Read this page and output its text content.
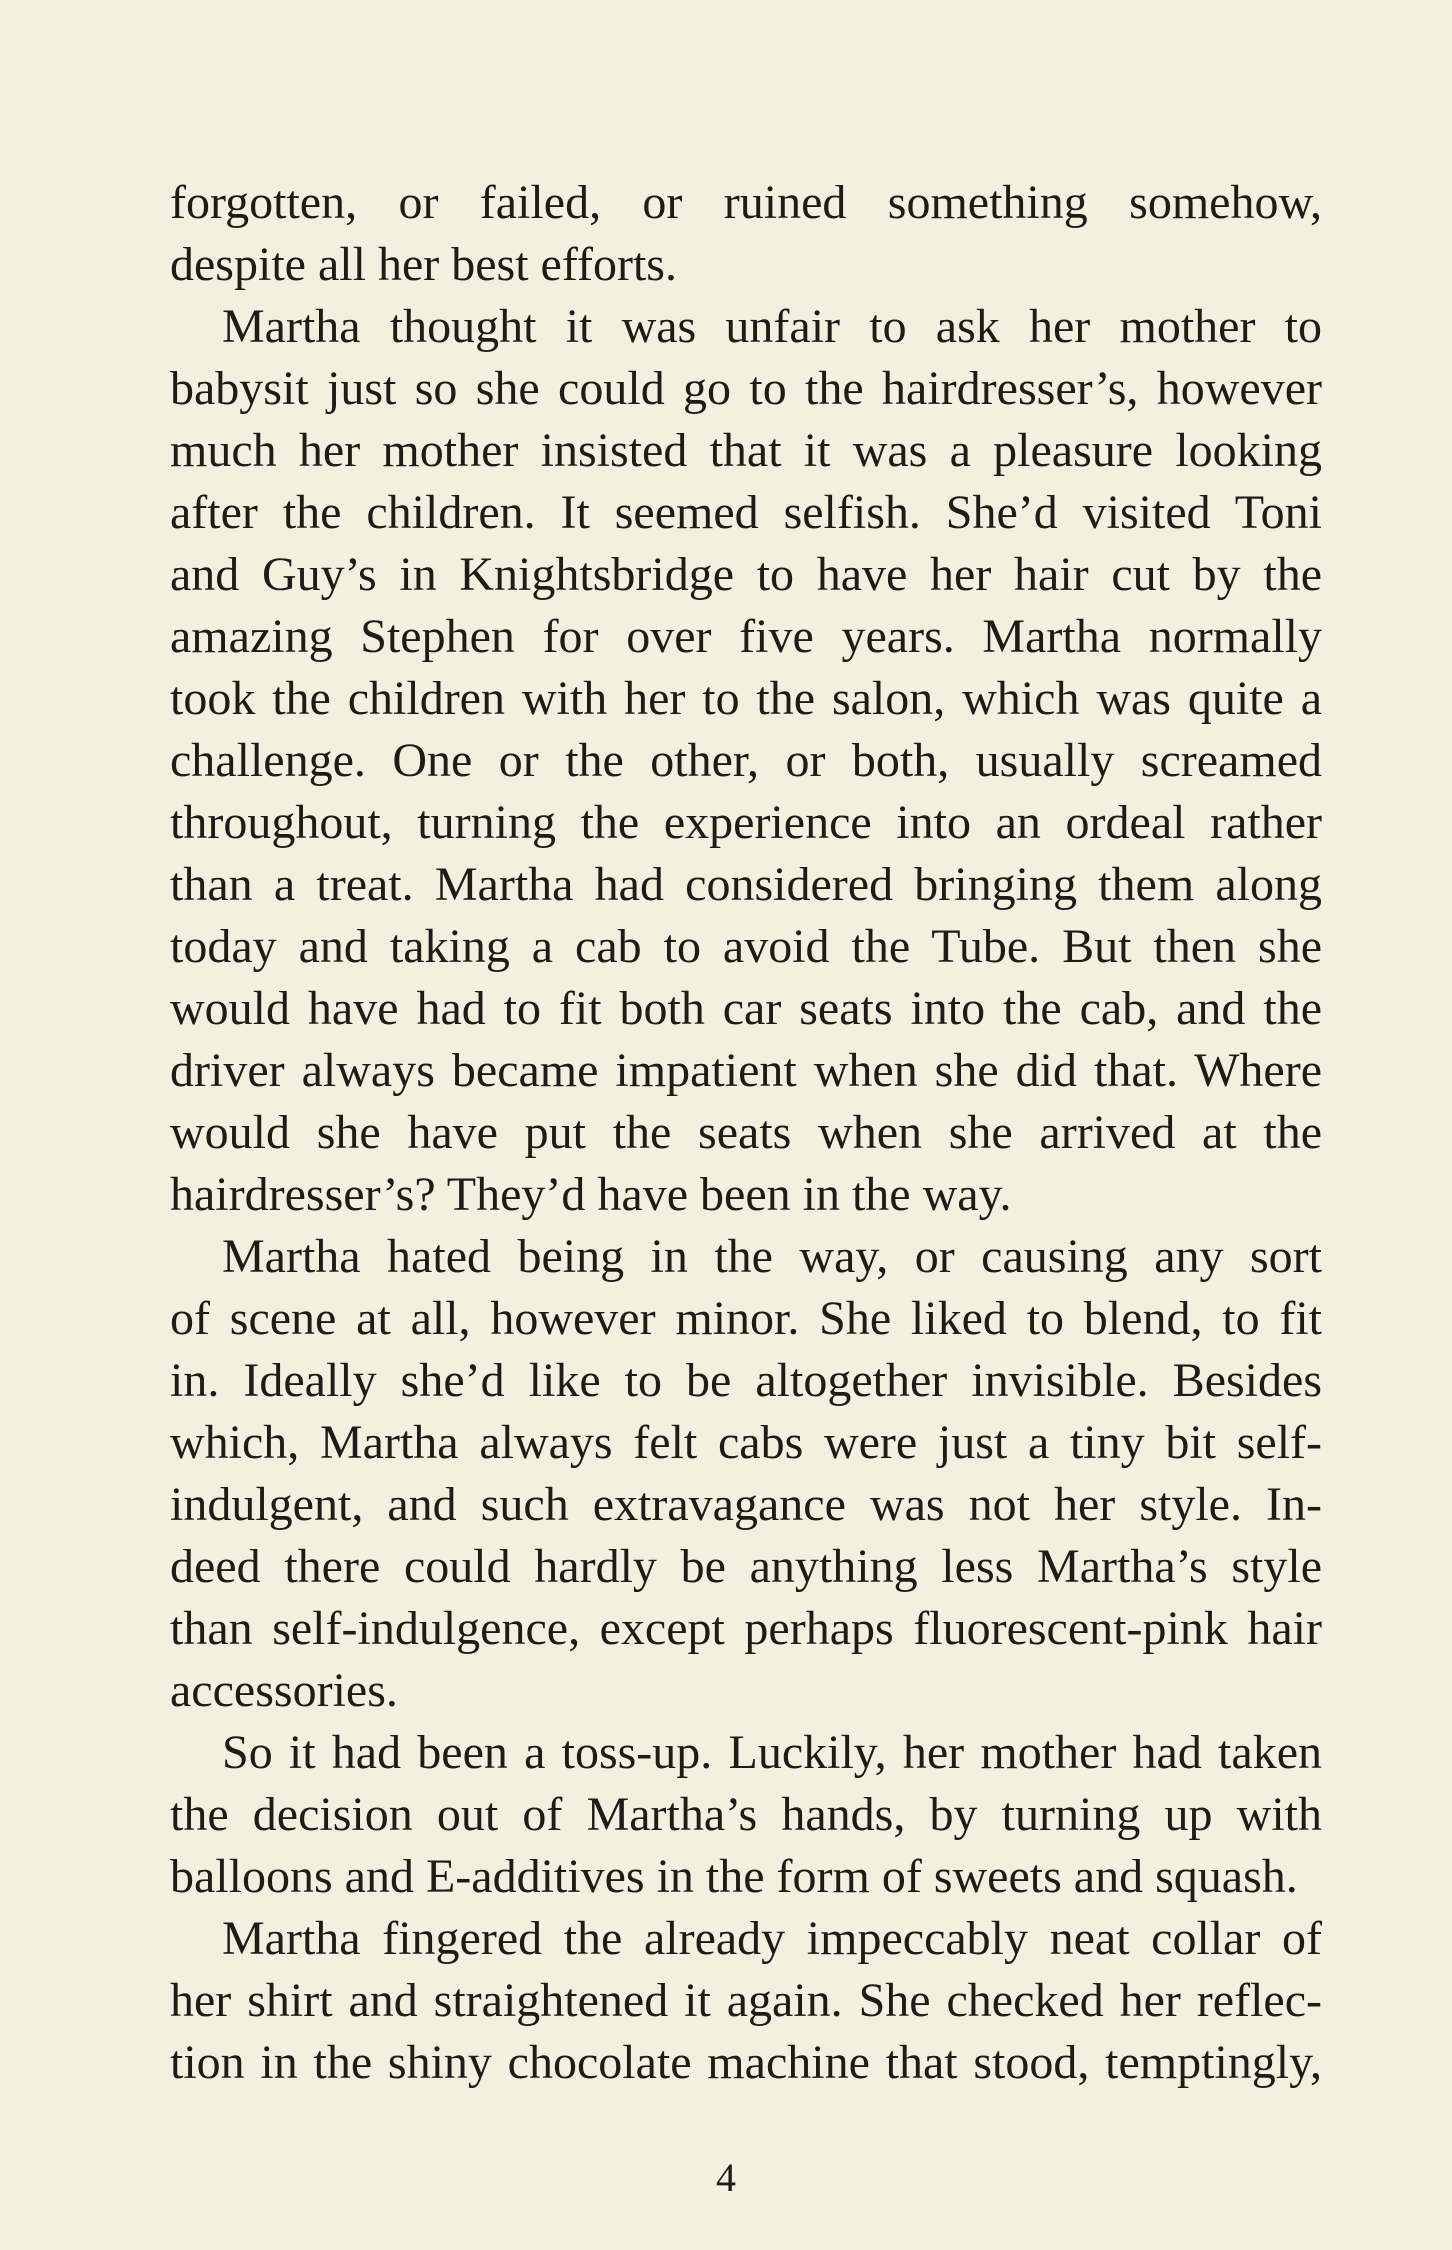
forgotten, or failed, or ruined something somehow,
despite all her best efforts.
Martha thought it was unfair to ask her mother to
babysit just so she could go to the hairdresser’s, however
much her mother insisted that it was a pleasure looking
after the children. It seemed selfish. She’d visited Toni
and Guy’s in Knightsbridge to have her hair cut by the
amazing Stephen for over five years. Martha normally
took the children with her to the salon, which was quite a
challenge. One or the other, or both, usually screamed
throughout, turning the experience into an ordeal rather
than a treat. Martha had considered bringing them along
today and taking a cab to avoid the Tube. But then she
would have had to fit both car seats into the cab, and the
driver always became impatient when she did that. Where
would she have put the seats when she arrived at the
hairdresser’s? They’d have been in the way.
Martha hated being in the way, or causing any sort
of scene at all, however minor. She liked to blend, to fit
in. Ideally she’d like to be altogether invisible. Besides
which, Martha always felt cabs were just a tiny bit self-
indulgent, and such extravagance was not her style. In-
deed there could hardly be anything less Martha’s style
than self-indulgence, except perhaps fluorescent-pink hair
accessories.
So it had been a toss-up. Luckily, her mother had taken
the decision out of Martha’s hands, by turning up with
balloons and E-additives in the form of sweets and squash.
Martha fingered the already impeccably neat collar of
her shirt and straightened it again. She checked her reflec-
tion in the shiny chocolate machine that stood, temptingly,
4
